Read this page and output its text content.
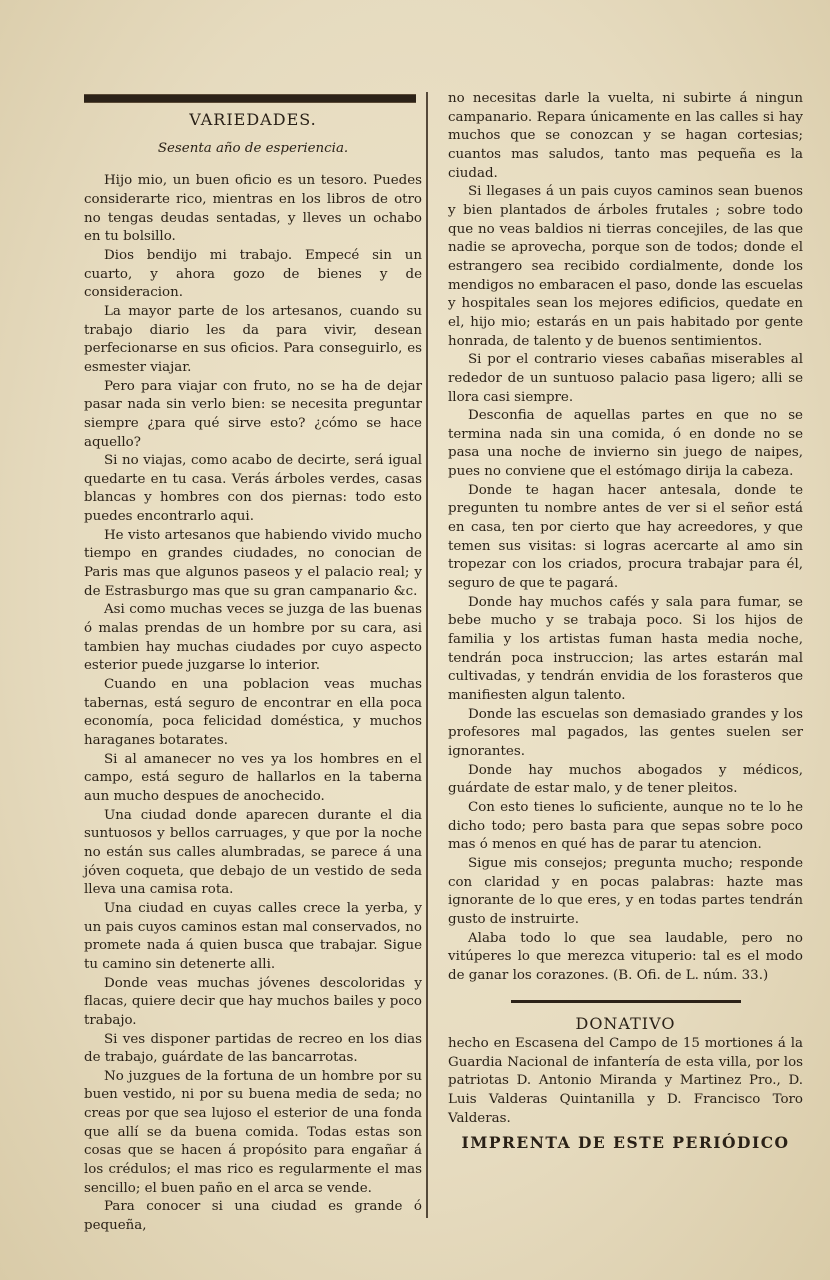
VARIEDADES.
Sesenta año de esperiencia.

Hijo mio, un buen oficio es un tesoro. Puedes considerarte rico, mientras en los libros de otro no tengas deudas sentadas, y lleves un ochabo en tu bolsillo.

Dios bendijo mi trabajo. Empecé sin un cuarto, y ahora gozo de bienes y de consideracion.

La mayor parte de los artesanos, cuando su trabajo diario les da para vivir, desean perfecionarse en sus oficios. Para conseguirlo, es esmester viajar.

Pero para viajar con fruto, no se ha de dejar pasar nada sin verlo bien: se necesita preguntar siempre ¿para qué sirve esto? ¿cómo se hace aquello?

Si no viajas, como acabo de decirte, será igual quedarte en tu casa. Verás árboles verdes, casas blancas y hombres con dos piernas: todo esto puedes encontrarlo aqui.

He visto artesanos que habiendo vivido mucho tiempo en grandes ciudades, no conocian de Paris mas que algunos paseos y el palacio real; y de Estrasburgo mas que su gran campanario &c.

Asi como muchas veces se juzga de las buenas ó malas prendas de un hombre por su cara, asi tambien hay muchas ciudades por cuyo aspecto esterior puede juzgarse lo interior.

Cuando en una poblacion veas muchas tabernas, está seguro de encontrar en ella poca economía, poca felicidad doméstica, y muchos haraganes botarates.

Si al amanecer no ves ya los hombres en el campo, está seguro de hallarlos en la taberna aun mucho despues de anochecido.

Una ciudad donde aparecen durante el dia suntuosos y bellos carruages, y que por la noche no están sus calles alumbradas, se parece á una jóven coqueta, que debajo de un vestido de seda lleva una camisa rota.

Una ciudad en cuyas calles crece la yerba, y un pais cuyos caminos estan mal conservados, no promete nada á quien busca que trabajar. Sigue tu camino sin detenerte alli.

Donde veas muchas jóvenes descoloridas y flacas, quiere decir que hay muchos bailes y poco trabajo.

Si ves disponer partidas de recreo en los dias de trabajo, guárdate de las bancarrotas.

No juzgues de la fortuna de un hombre por su buen vestido, ni por su buena media de seda; no creas por que sea lujoso el esterior de una fonda que allí se da buena comida. Todas estas son cosas que se hacen á propósito para engañar á los crédulos; el mas rico es regularmente el mas sencillo; el buen paño en el arca se vende.

Para conocer si una ciudad es grande ó pequeña,

no necesitas darle la vuelta, ni subirte á ningun campanario. Repara únicamente en las calles si hay muchos que se conozcan y se hagan cortesias; cuantos mas saludos, tanto mas pequeña es la ciudad.

Si llegases á un pais cuyos caminos sean buenos y bien plantados de árboles frutales ; sobre todo que no veas baldios ni tierras concejiles, de las que nadie se aprovecha, porque son de todos; donde el estrangero sea recibido cordialmente, donde los mendigos no embaracen el paso, donde las escuelas y hospitales sean los mejores edificios, quedate en el, hijo mio; estarás en un pais habitado por gente honrada, de talento y de buenos sentimientos.

Si por el contrario vieses cabañas miserables al rededor de un suntuoso palacio pasa ligero; alli se llora casi siempre.

Desconfia de aquellas partes en que no se termina nada sin una comida, ó en donde no se pasa una noche de invierno sin juego de naipes, pues no conviene que el estómago dirija la cabeza.

Donde te hagan hacer antesala, donde te pregunten tu nombre antes de ver si el señor está en casa, ten por cierto que hay acreedores, y que temen sus visitas: si logras acercarte al amo sin tropezar con los criados, procura trabajar para él, seguro de que te pagará.

Donde hay muchos cafés y sala para fumar, se bebe mucho y se trabaja poco. Si los hijos de familia y los artistas fuman hasta media noche, tendrán poca instruccion; las artes estarán mal cultivadas, y tendrán envidia de los forasteros que manifiesten algun talento.

Donde las escuelas son demasiado grandes y los profesores mal pagados, las gentes suelen ser ignorantes.

Donde hay muchos abogados y médicos, guárdate de estar malo, y de tener pleitos.

Con esto tienes lo suficiente, aunque no te lo he dicho todo; pero basta para que sepas sobre poco mas ó menos en qué has de parar tu atencion.

Sigue mis consejos; pregunta mucho; responde con claridad y en pocas palabras: hazte mas ignorante de lo que eres, y en todas partes tendrán gusto de instruirte.

Alaba todo lo que sea laudable, pero no vitúperes lo que merezca vituperio: tal es el modo de ganar los corazones. (B. Ofi. de L. núm. 33.)

DONATIVO

hecho en Escasena del Campo de 15 mortiones á la Guardia Nacional de infantería de esta villa, por los patriotas D. Antonio Miranda y Martinez Pro., D. Luis Valderas Quintanilla y D. Francisco Toro Valderas.

IMPRENTA DE ESTE PERIÓDICO
